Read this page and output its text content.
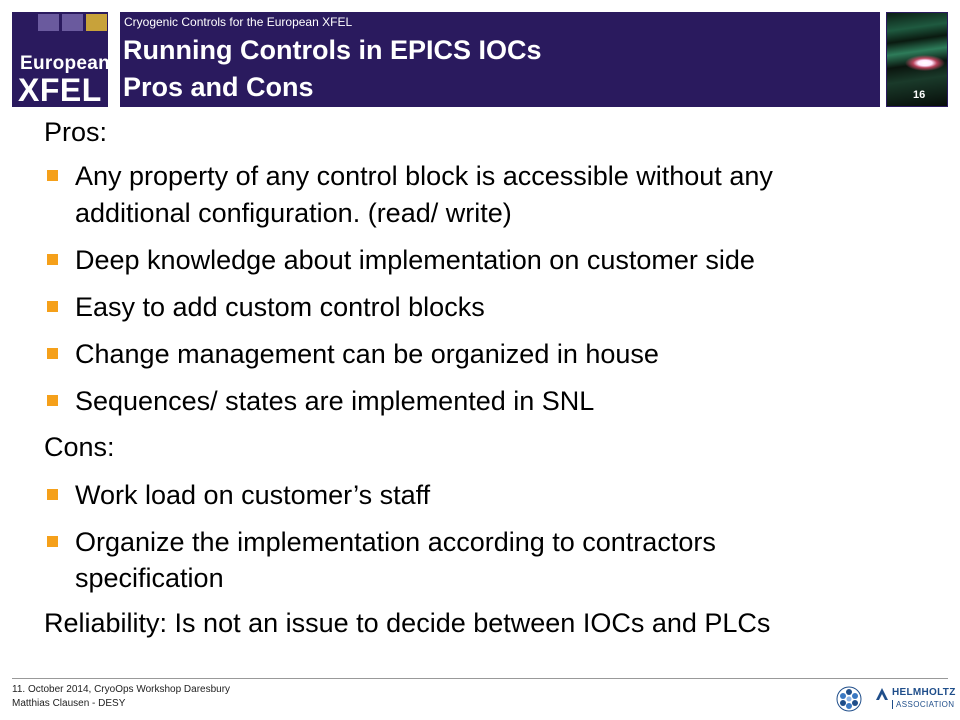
European
XFEL
Cryogenic Controls for the European XFEL
Running Controls in EPICS IOCs
Pros and Cons	16
Pros:
Any property of any control block is accessible without any
additional configuration. (read/ write)
Deep knowledge about implementation on customer side
Easy to add custom control blocks
Change management can be organized in house
Sequences/ states are implemented in SNL
Cons:
Work load on customer’s staff
Organize the implementation according to contractors
specification
Reliability: Is not an issue to decide between IOCs and PLCs
11. October 2014, CryoOps Workshop Daresbury
Matthias Clausen - DESY
HELMHOLTZ
ASSOCIATION
